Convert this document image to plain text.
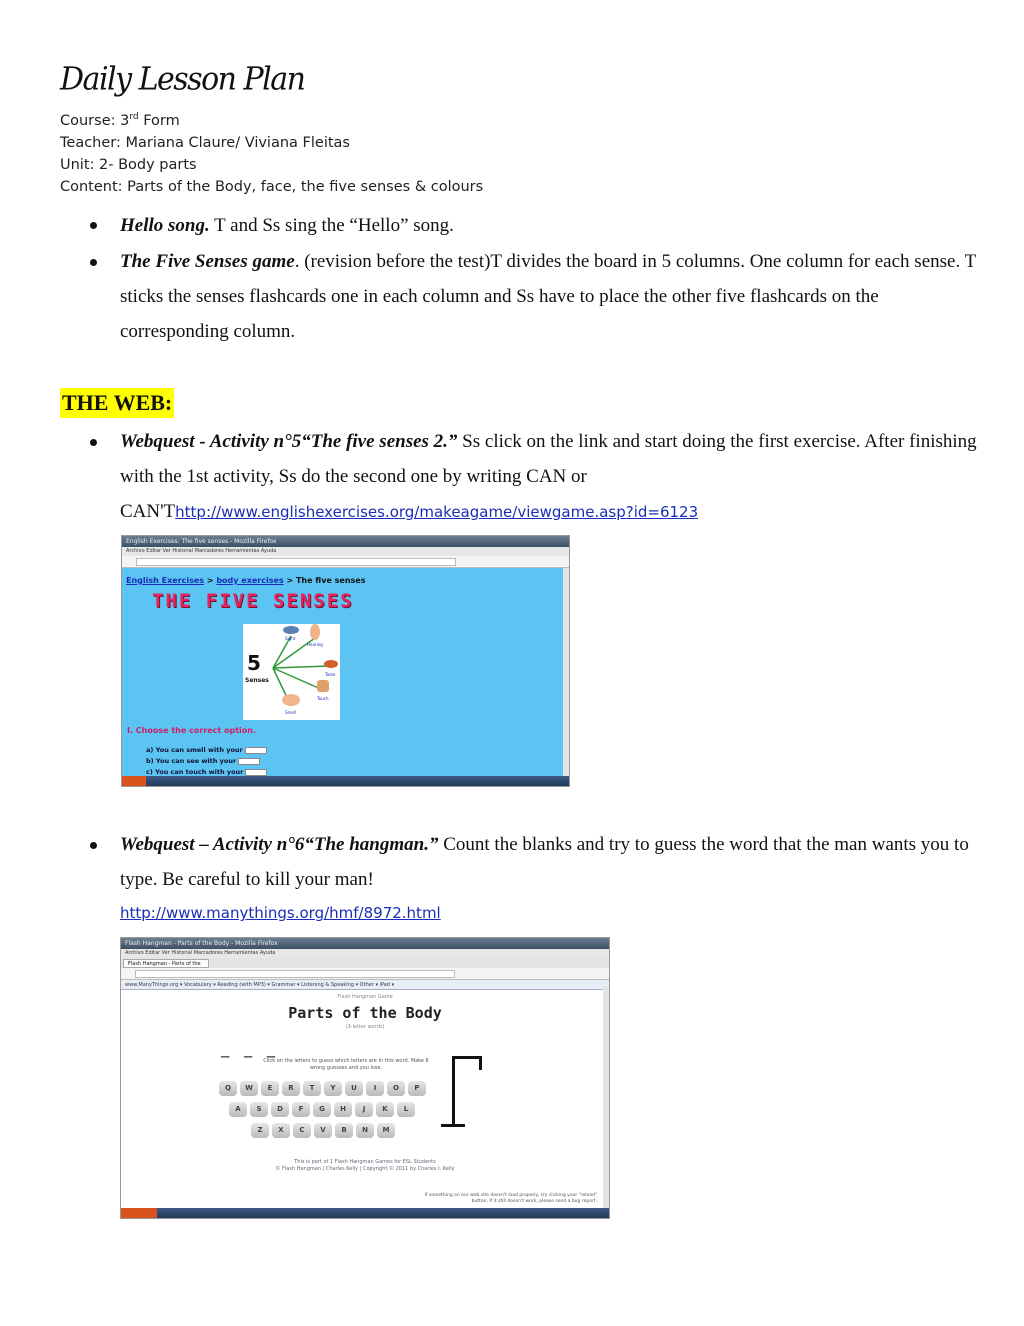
Daily Lesson Plan
Course: 3rd Form
Teacher: Mariana Claure/ Viviana Fleitas
Unit: 2- Body parts
Content: Parts of the Body, face, the five senses & colours
Hello song. T and Ss sing the “Hello” song.
The Five Senses game. (revision before the test)T divides the board in 5 columns. One column for each sense. T sticks the senses flashcards one in each column and Ss have to place the other five flashcards on the corresponding column.
THE WEB:
Webquest - Activity n°5“The five senses 2.” Ss click on the link and start doing the first exercise. After finishing with the 1st activity, Ss do the second one by writing CAN or CAN'Thttp://www.englishexercises.org/makeagame/viewgame.asp?id=6123
English Exercises: The five senses - Mozilla Firefox
Archivo Editar Ver Historial Marcadores Herramientas Ayuda
English Exercises > body exercises > The five senses
THE FIVE SENSES
5
Senses
Sight
Hearing
Taste
Touch
Smell
I. Choose the correct option.
a) You can smell with your
b) You can see with your
c) You can touch with your
Webquest – Activity n°6“The hangman.” Count the blanks and try to guess the word that the man wants you to type. Be careful to kill your man!
http://www.manythings.org/hmf/8972.html
Flash Hangman - Parts of the Body - Mozilla Firefox
Archivo Editar Ver Historial Marcadores Herramientas Ayuda
Flash Hangman - Parts of the
www.ManyThings.org ▾ Vocabulary ▾ Reading (with MP3) ▾ Grammar ▾ Listening & Speaking ▾ Other ▾ iPad ▾
Flash Hangman Game
Parts of the Body
(3-letter words)
_ _ _
Click on the letters to guess which letters are in this word. Make 6 wrong guesses and you lose.
Q	W	E	R	T	Y	U	I	O	P
A	S	D	F	G	H	J	K	L
Z	X	C	V	B	N	M
This is part of 1 Flash Hangman Games for ESL Students
© Flash Hangman | Charles Kelly | Copyright © 2011 by Charles I. Kelly
If something on our web site doesn't load properly, try clicking your "reload" button. If it still doesn't work, please send a bug report.
